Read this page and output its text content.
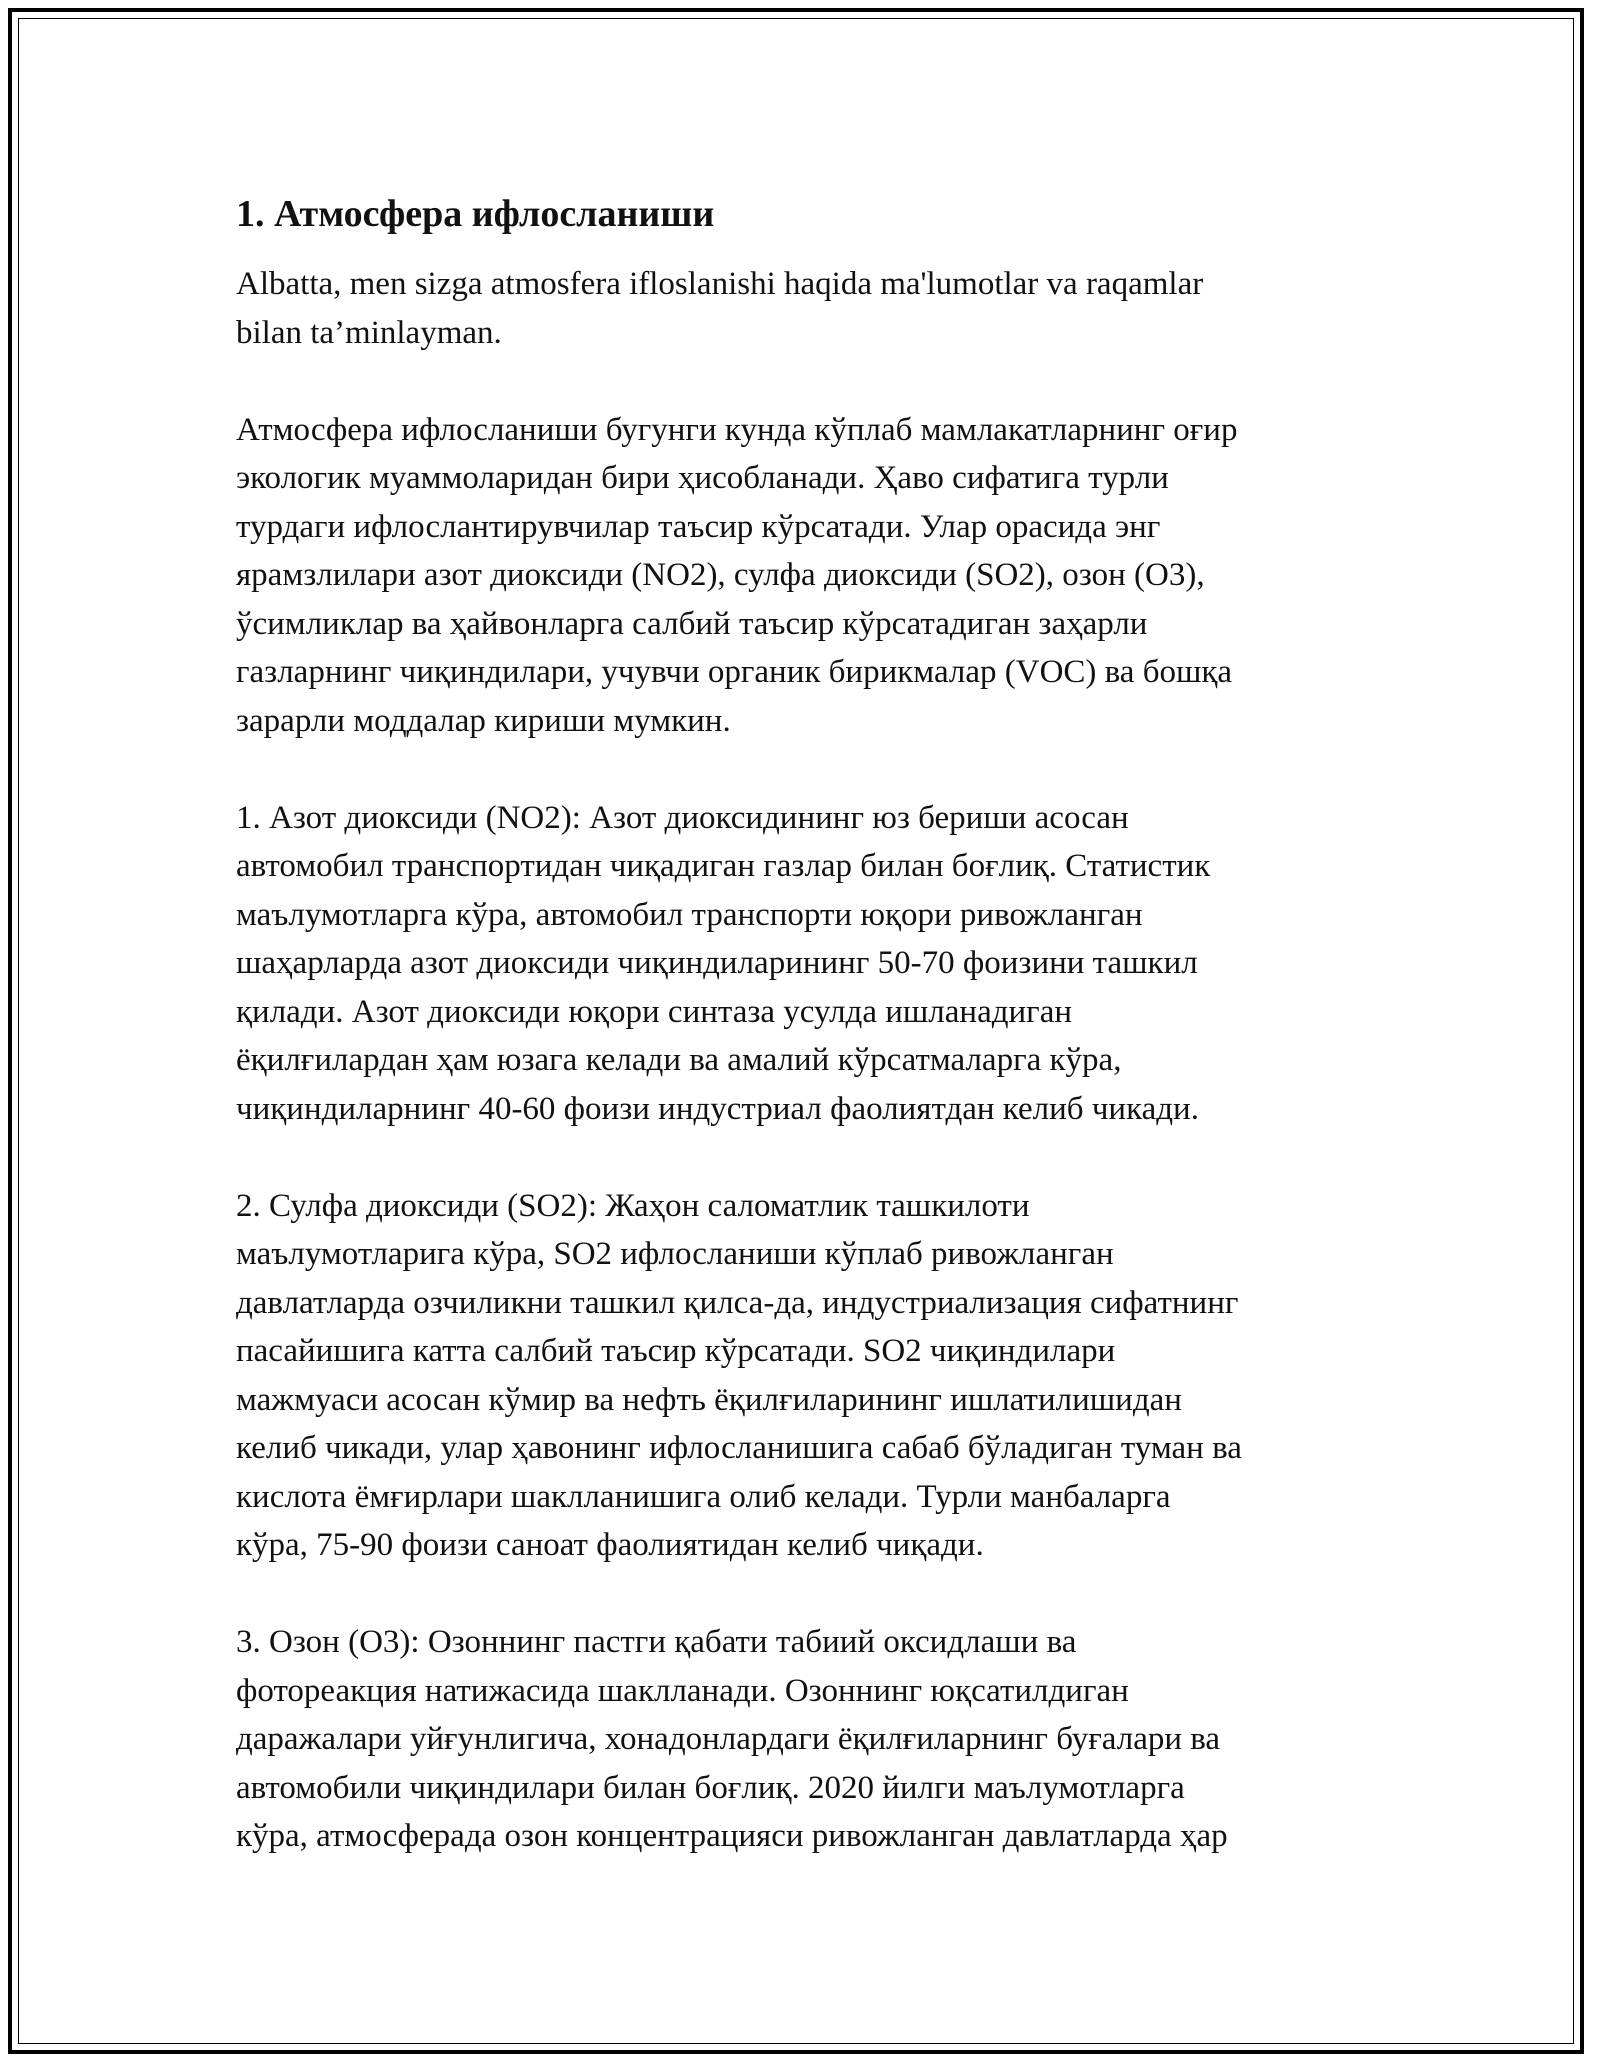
1. Атмосфера ифлосланиши

Albatta, men sizga atmosfera ifloslanishi haqida ma'lumotlar va raqamlar
bilan ta’minlayman.

Атмосфера ифлосланиши бугунги кунда кўплаб мамлакатларнинг оғир
экологик муаммоларидан бири ҳисобланади. Ҳаво сифатига турли
турдаги ифлослантирувчилар таъсир кўрсатади. Улар орасида энг
ярамзлилари азот диоксиди (NO2), сулфа диоксиди (SO2), озон (O3),
ўсимликлар ва ҳайвонларга салбий таъсир кўрсатадиган заҳарли
газларнинг чиқиндилари, учувчи органик бирикмалар (VOC) ва бошқа
зарарли моддалар кириши мумкин.

1. Азот диоксиди (NO2): Азот диоксидининг юз бериши асосан
автомобил транспортидан чиқадиган газлар билан боғлиқ. Статистик
маълумотларга кўра, автомобил транспорти юқори ривожланган
шаҳарларда азот диоксиди чиқиндиларининг 50-70 фоизини ташкил
қилади. Азот диоксиди юқори синтаза усулда ишланадиган
ёқилғилардан ҳам юзага келади ва амалий кўрсатмаларга кўра,
чиқиндиларнинг 40-60 фоизи индустриал фаолиятдан келиб чикади.

2. Сулфа диоксиди (SO2): Жаҳон саломатлик ташкилоти
маълумотларига кўра, SO2 ифлосланиши кўплаб ривожланган
давлатларда озчиликни ташкил қилса-да, индустриализация сифатнинг
пасайишига катта салбий таъсир кўрсатади. SO2 чиқиндилари
мажмуаси асосан кўмир ва нефть ёқилғиларининг ишлатилишидан
келиб чикади, улар ҳавонинг ифлосланишига сабаб бўладиган туман ва
кислота ёмғирлари шаклланишига олиб келади. Турли манбаларга
кўра, 75-90 фоизи саноат фаолиятидан келиб чиқади.

3. Озон (O3): Озоннинг пастги қабати табиий оксидлаши ва
фотореакция натижасида шаклланади. Озоннинг юқсатилдиган
даражалари уйғунлигича, хонадонлардаги ёқилғиларнинг буғалари ва
автомобили чиқиндилари билан боғлиқ. 2020 йилги маълумотларга
кўра, атмосферада озон концентрацияси ривожланган давлатларда ҳар
